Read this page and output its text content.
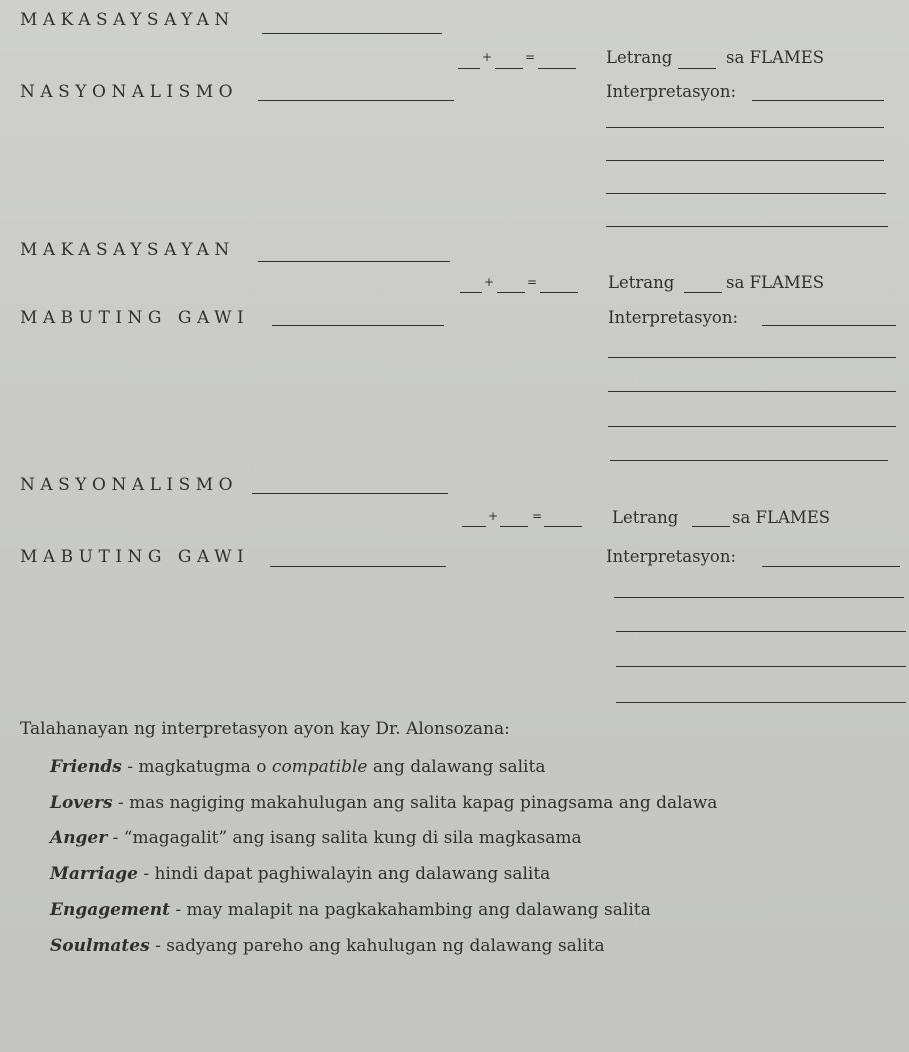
MAKASAYSAYAN
+	=	Letrang	sa FLAMES
NASYONALISMO	Interpretasyon:
MAKASAYSAYAN
+	=	Letrang	sa FLAMES
MABUTING GAWI	Interpretasyon:
NASYONALISMO
+	=	Letrang	sa FLAMES
MABUTING GAWI	Interpretasyon:
Talahanayan ng interpretasyon ayon kay Dr. Alonsozana:
Friends - magkatugma o compatible ang dalawang salita
Lovers - mas nagiging makahulugan ang salita kapag pinagsama ang dalawa
Anger - “magagalit” ang isang salita kung di sila magkasama
Marriage - hindi dapat paghiwalayin ang dalawang salita
Engagement - may malapit na pagkakahambing ang dalawang salita
Soulmates - sadyang pareho ang kahulugan ng dalawang salita
